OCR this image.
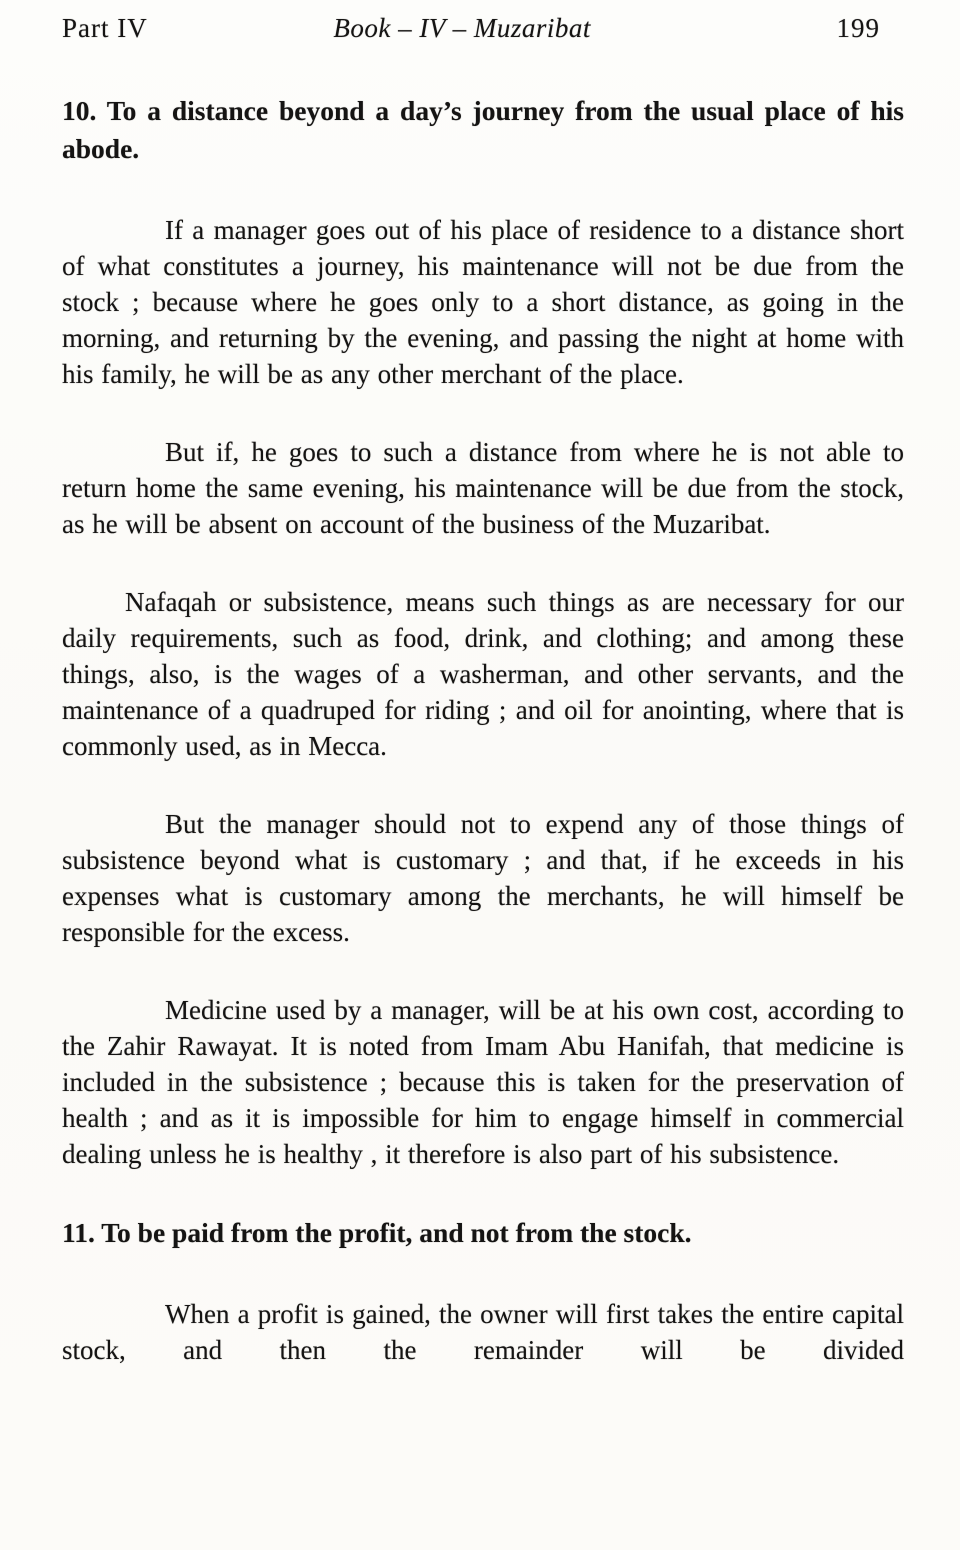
Part IV	Book – IV – Muzaribat	199
10. To a distance beyond a day’s journey from the usual place of his abode.

If a manager goes out of his place of residence to a distance short of what constitutes a journey, his maintenance will not be due from the stock ; because where he goes only to a short distance, as going in the morning, and returning by the evening, and passing the night at home with his family, he will be as any other merchant of the place.

But if, he goes to such a distance from where he is not able to return home the same evening, his maintenance will be due from the stock, as he will be absent on account of the business of the Muzaribat.

Nafaqah or subsistence, means such things as are necessary for our daily requirements, such as food, drink, and clothing; and among these things, also, is the wages of a washerman, and other servants, and the maintenance of a quadruped for riding ; and oil for anointing, where that is commonly used, as in Mecca.

But the manager should not to expend any of those things of subsistence beyond what is customary ; and that, if he exceeds in his expenses what is customary among the merchants, he will himself be responsible for the excess.

Medicine used by a manager, will be at his own cost, according to the Zahir Rawayat. It is noted from Imam Abu Hanifah, that medicine is included in the subsistence ; because this is taken for the preservation of health ; and as it is impossible for him to engage himself in commercial dealing unless he is healthy , it therefore is also part of his subsistence.

11. To be paid from the profit, and not from the stock.

When a profit is gained, the owner will first takes the entire capital stock, and then the remainder will be divided
